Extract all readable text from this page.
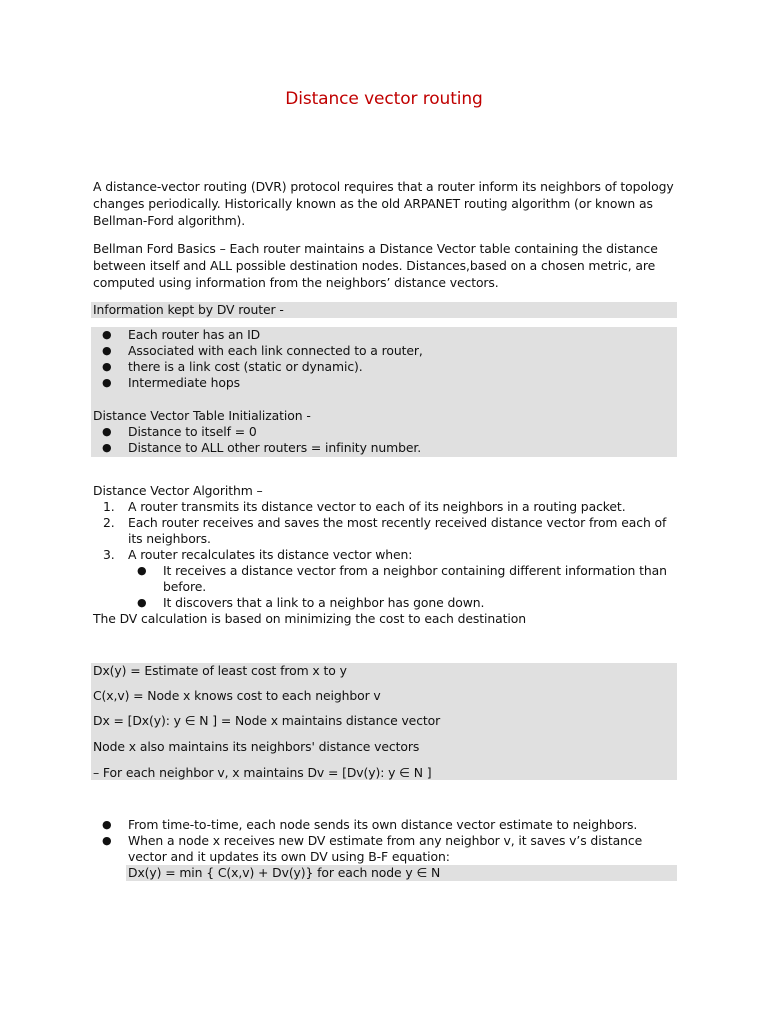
Distance vector routing

A distance-vector routing (DVR) protocol requires that a router inform its neighbors of topology changes periodically. Historically known as the old ARPANET routing algorithm (or known as Bellman-Ford algorithm).

Bellman Ford Basics – Each router maintains a Distance Vector table containing the distance between itself and ALL possible destination nodes. Distances,based on a chosen metric, are computed using information from the neighbors’ distance vectors.

Information kept by DV router -
● Each router has an ID
● Associated with each link connected to a router,
● there is a link cost (static or dynamic).
● Intermediate hops
Distance Vector Table Initialization -
● Distance to itself = 0
● Distance to ALL other routers = infinity number.
Distance Vector Algorithm –
1. A router transmits its distance vector to each of its neighbors in a routing packet.
2. Each router receives and saves the most recently received distance vector from each of
its neighbors.
3. A router recalculates its distance vector when:
● It receives a distance vector from a neighbor containing different information than
before.
● It discovers that a link to a neighbor has gone down.
The DV calculation is based on minimizing the cost to each destination
Dx(y) = Estimate of least cost from x to y
C(x,v) = Node x knows cost to each neighbor v
Dx = [Dx(y): y ∈ N ] = Node x maintains distance vector
Node x also maintains its neighbors' distance vectors
– For each neighbor v, x maintains Dv = [Dv(y): y ∈ N ]
● From time-to-time, each node sends its own distance vector estimate to neighbors.
● When a node x receives new DV estimate from any neighbor v, it saves v’s distance
vector and it updates its own DV using B-F equation:
Dx(y) = min { C(x,v) + Dv(y)} for each node y ∈ N
